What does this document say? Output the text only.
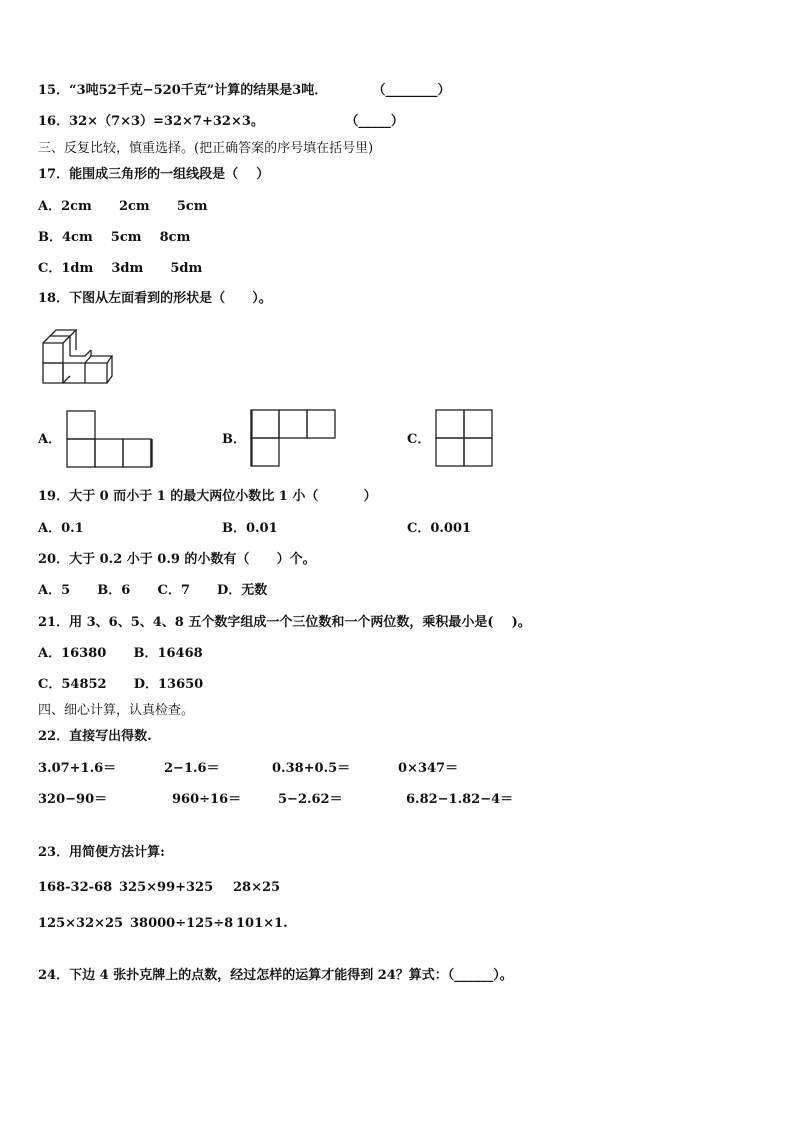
15．“3吨52千克−520千克”计算的结果是3吨．          （________）
16．32×（7×3）=32×7+32×3。                  （_____）
三、反复比较，慎重选择。(把正确答案的序号填在括号里)
17．能围成三角形的一组线段是（    ）
A．2cm      2cm      5cm
B．4cm    5cm    8cm
C．1dm    3dm      5dm
18．下图从左面看到的形状是（      ）。
A．	B．	C．
19．大于 0 而小于 1 的最大两位小数比 1 小（          ）
A．0.1	B．0.01	C．0.001
20．大于 0.2 小于 0.9 的小数有（      ）个。
A．5      B．6      C．7      D．无数
21．用 3、6、5、4、8 五个数字组成一个三位数和一个两位数，乘积最小是(    )。
A．16380      B．16468
C．54852      D．13650
四、细心计算，认真检查。
22．直接写出得数.
3.07+1.6＝	2−1.6＝	0.38+0.5＝	0×347＝
320−90＝	960÷16＝	5−2.62＝	6.82−1.82−4＝
23．用简便方法计算:
168-32-68 325×99+325 28×25
125×32×25 38000÷125÷8 101×1.
24．下边 4 张扑克牌上的点数，经过怎样的运算才能得到 24？算式：（______）。
